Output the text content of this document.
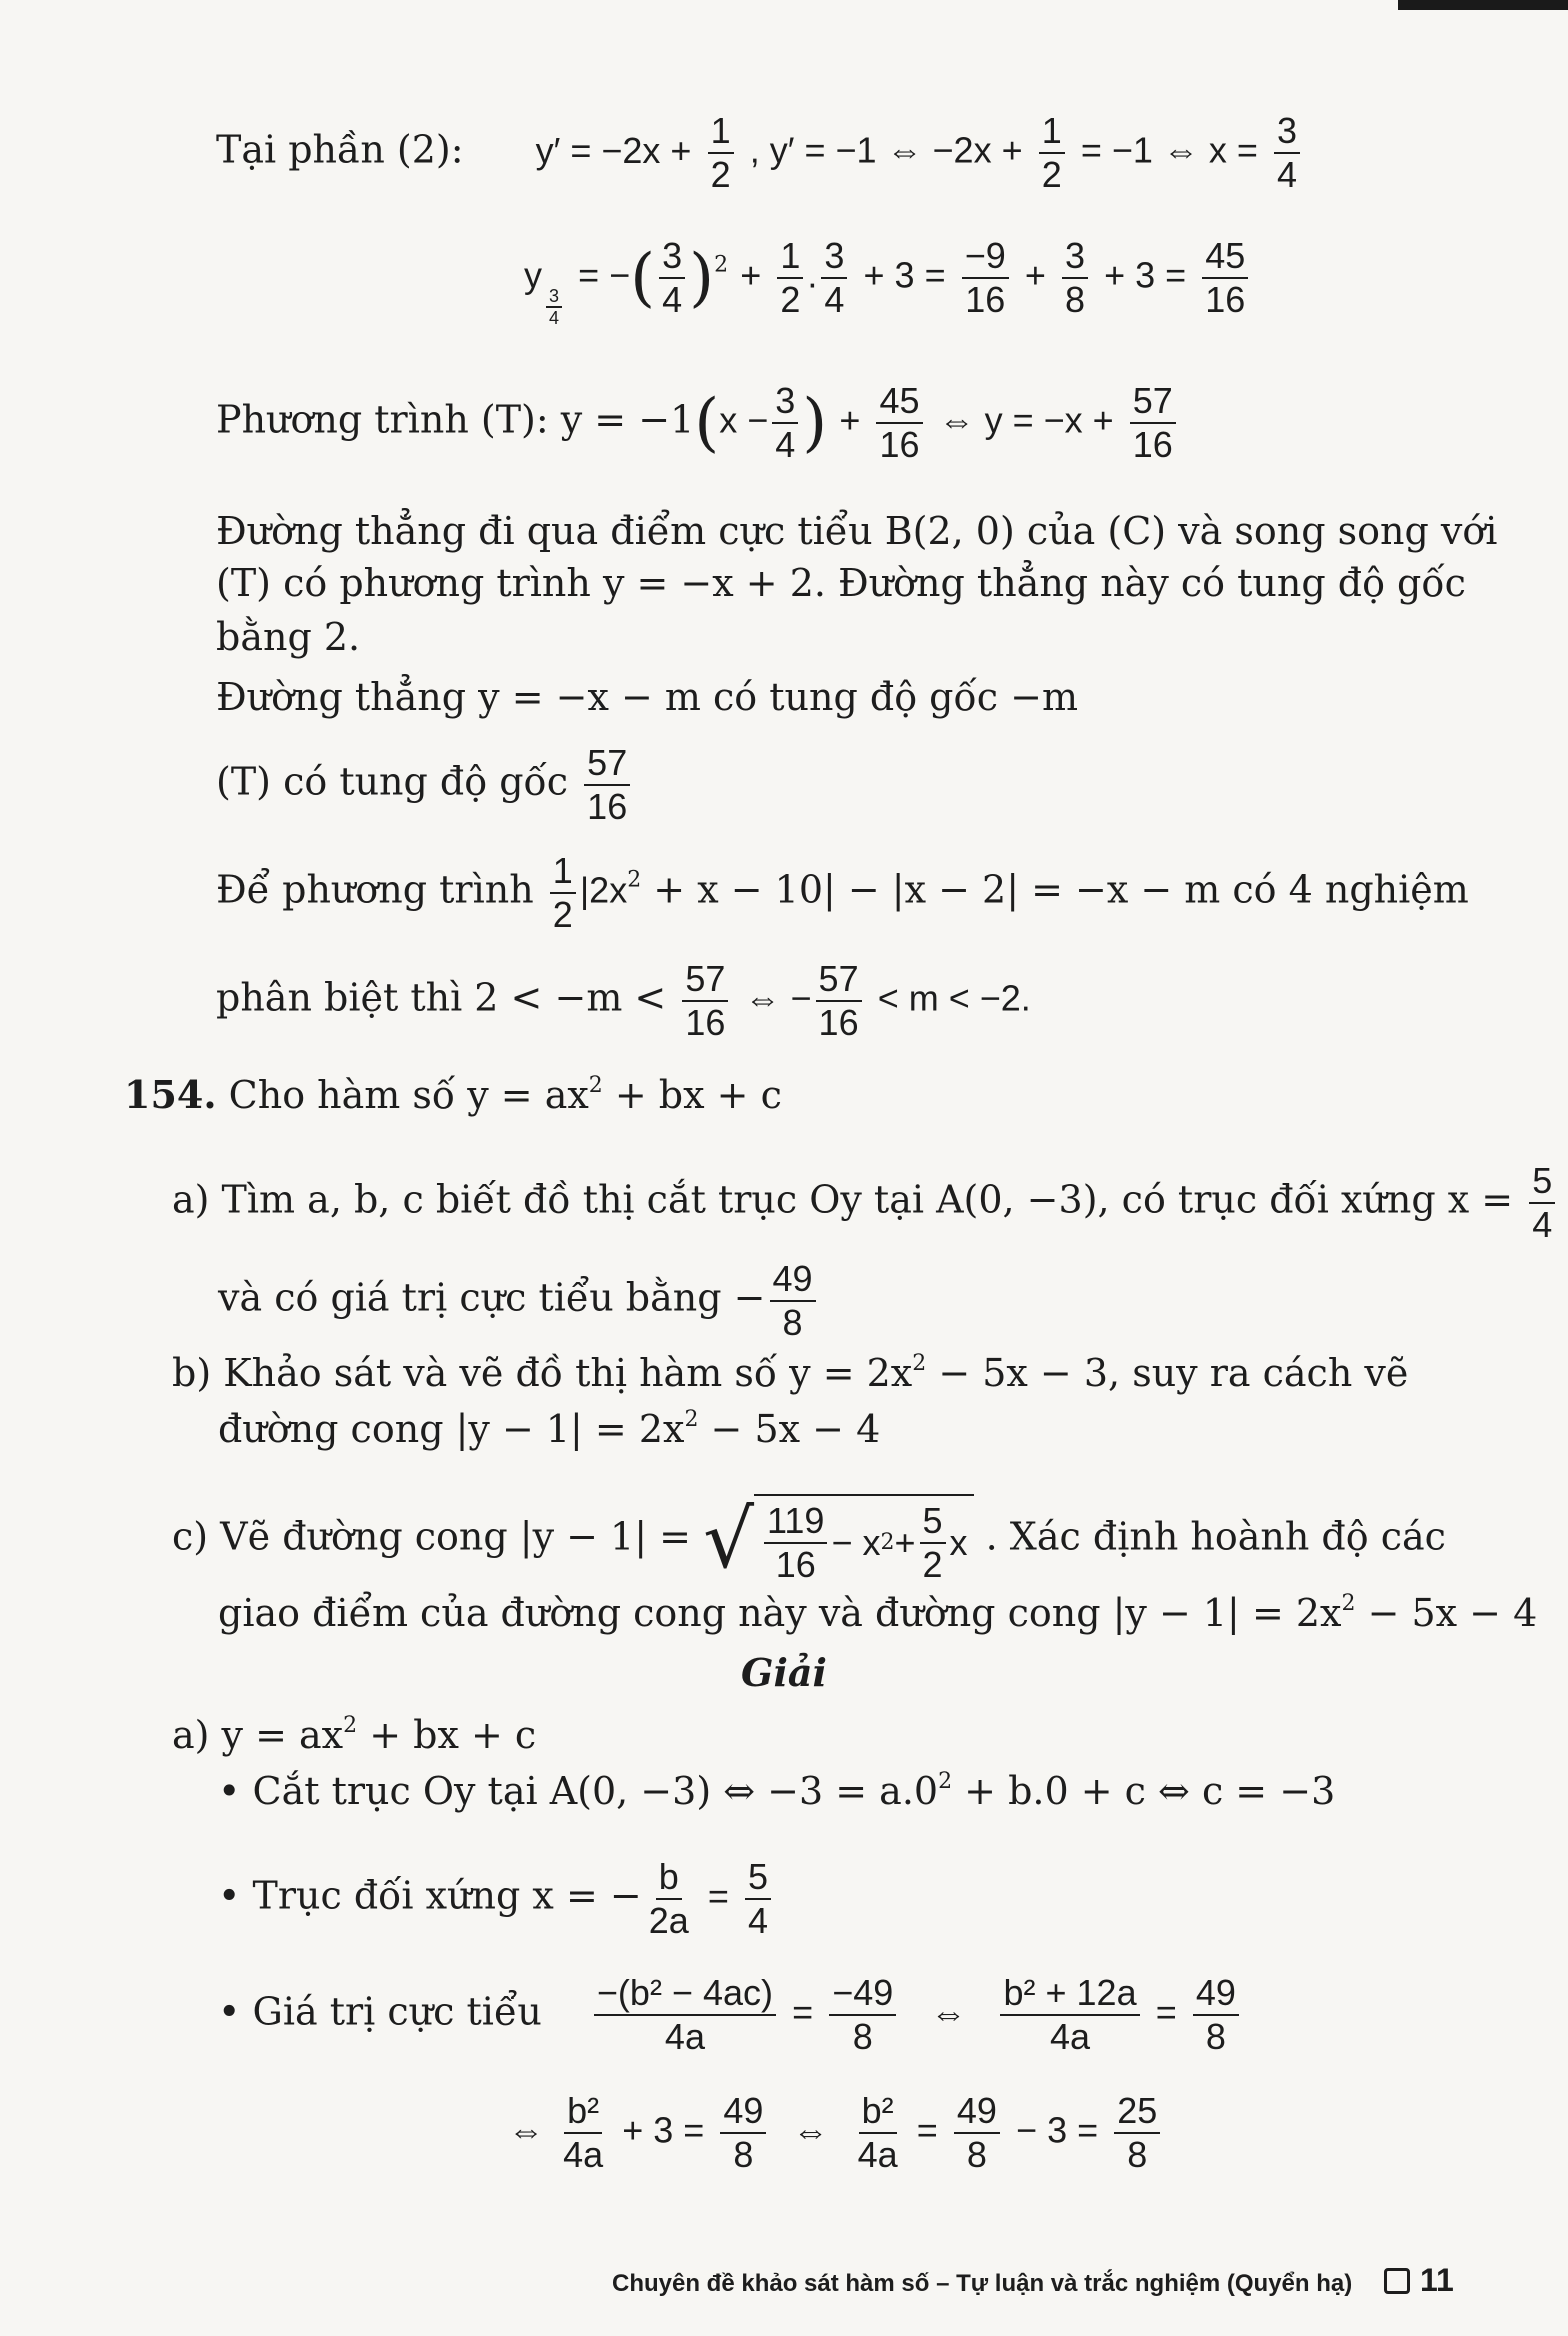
Tại phần (2): $y' = -2x + \frac{1}{2}$ , y′ = −1 ⇔ $-2x + \frac{1}{2} = -1$ ⇔ $x = \frac{3}{4}$
y
$\frac{3}{4}$
= −( $\frac{3}{4} )^2 + \frac{1}{2}$ . $\frac{3}{4} + 3 = \frac{-9}{16} + \frac{3}{8} + 3 = \frac{45}{16}$
Phương trình (T): $y = -1(x - \frac{3}{4}$ ) + $\frac{45}{16}$ ⇔ $y = -x + \frac{57}{16}$
Đường thẳng đi qua điểm cực tiểu B(2, 0) của (C) và song song với
(T) có phương trình y = −x + 2. Đường thẳng này có tung độ gốc
bằng 2.
Đường thẳng y = −x − m có tung độ gốc −m
(T) có tung độ gốc $\frac{57}{16}$
Để phương trình $\frac{1}{2} |2x^2 + x - 10| - |x - 2| = -x - m$ có 4 nghiệm
phân biệt thì $2 < -m < \frac{57}{16}$ ⇔ − $\frac{57}{16} < m < -2$.
154. Cho hàm số $y = ax^2$ + bx + c
a) Tìm a, b, c biết đồ thị cắt trục Oy tại A(0, −3), có trục đối xứng $x = \frac{5}{4}$
và có giá trị cực tiểu bằng − $\frac{49}{8}$
b) Khảo sát và vẽ đồ thị hàm số $y = 2x^2 - 5x - 3$, suy ra cách vẽ
đường cong $|y - 1| = 2x^2 - 5x - 4$
c) Vẽ đường cong |y − 1| = √ $\frac{119}{16} - x$ $2 + \frac{5}{2}$ x . Xác định hoành độ các
giao điểm của đường cong này và đường cong $|y - 1| = 2x^2 - 5x - 4$
Giải
a) $y = ax^2$ + bx + c
• Cắt trục Oy tại A(0, −3) ⇔ $-3 = a.0^2 + b.0 + c$ ⇔ c = −3
• Trục đối xứng x = − $\frac{b}{2a} = \frac{5}{4}$
• Giá trị cực tiểu $\frac{\text{−(b² − 4ac)}}{4a} = \frac{-49}{8}$ ⇔ $\frac{\text{b² + 12a}}{4a} = \frac{49}{8}$
⇔ $\frac{\text{b²}}{4a} + 3 = \frac{49}{8}$ ⇔ $\frac{\text{b²}}{4a} = \frac{49}{8} - 3 = \frac{25}{8}$
Chuyên đề khảo sát hàm số – Tự luận và trắc nghiệm (Quyển hạ) 11
